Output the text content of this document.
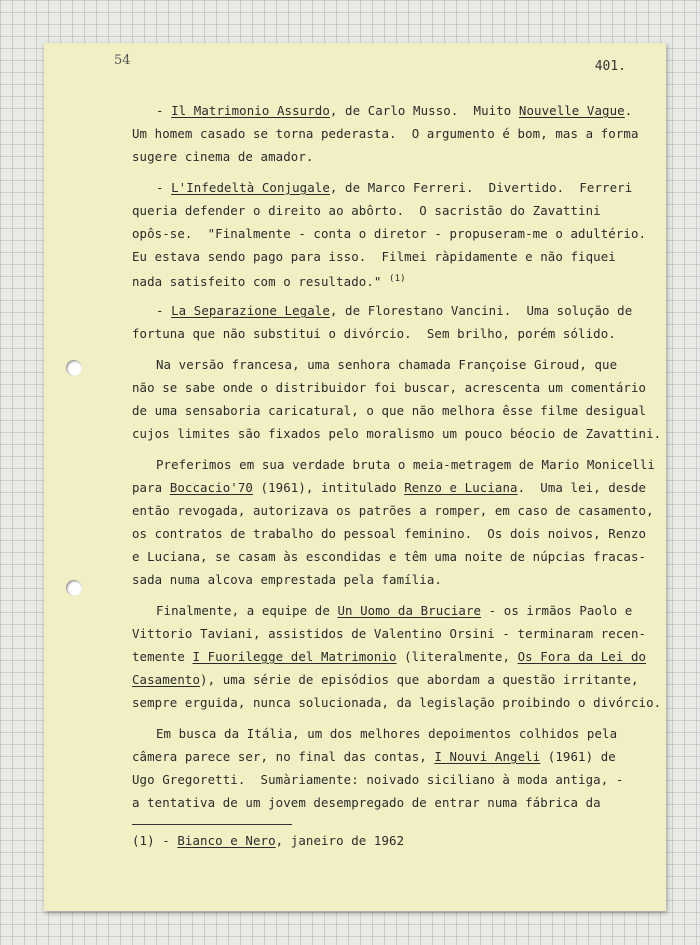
54	401.
- Il Matrimonio Assurdo, de Carlo Musso.  Muito Nouvelle Vague.
Um homem casado se torna pederasta.  O argumento é bom, mas a forma
sugere cinema de amador.
- L'Infedeltà Conjugale, de Marco Ferreri.  Divertido.  Ferreri
queria defender o direito ao abôrto.  O sacristão do Zavattini
opôs-se.  "Finalmente - conta o diretor - propuseram-me o adultério.
Eu estava sendo pago para isso.  Filmei ràpidamente e não fiquei
nada satisfeito com o resultado." $^{(1)}$
- La Separazione Legale, de Florestano Vancini.  Uma solução de
fortuna que não substitui o divórcio.  Sem brilho, porém sólido.
Na versão francesa, uma senhora chamada Françoise Giroud, que
não se sabe onde o distribuidor foi buscar, acrescenta um comentário
de uma sensaboria caricatural, o que não melhora êsse filme desigual
cujos limites são fixados pelo moralismo um pouco béocio de Zavattini.
Preferimos em sua verdade bruta o meia-metragem de Mario Monicelli
para Boccacio'70 (1961), intitulado Renzo e Luciana.  Uma lei, desde
então revogada, autorizava os patrões a romper, em caso de casamento,
os contratos de trabalho do pessoal feminino.  Os dois noivos, Renzo
e Luciana, se casam às escondidas e têm uma noite de núpcias fracas-
sada numa alcova emprestada pela família.
Finalmente, a equipe de Un Uomo da Bruciare - os irmãos Paolo e
Vittorio Taviani, assistidos de Valentino Orsini - terminaram recen-
temente I Fuorilegge del Matrimonio (literalmente, Os Fora da Lei do
Casamento), uma série de episódios que abordam a questão irritante,
sempre erguida, nunca solucionada, da legislação proibindo o divórcio.
Em busca da Itália, um dos melhores depoimentos colhidos pela
câmera parece ser, no final das contas, I Nouvi Angeli (1961) de
Ugo Gregoretti.  Sumàriamente: noivado siciliano à moda antiga, -
a tentativa de um jovem desempregado de entrar numa fábrica da
(1) - Bianco e Nero, janeiro de 1962
